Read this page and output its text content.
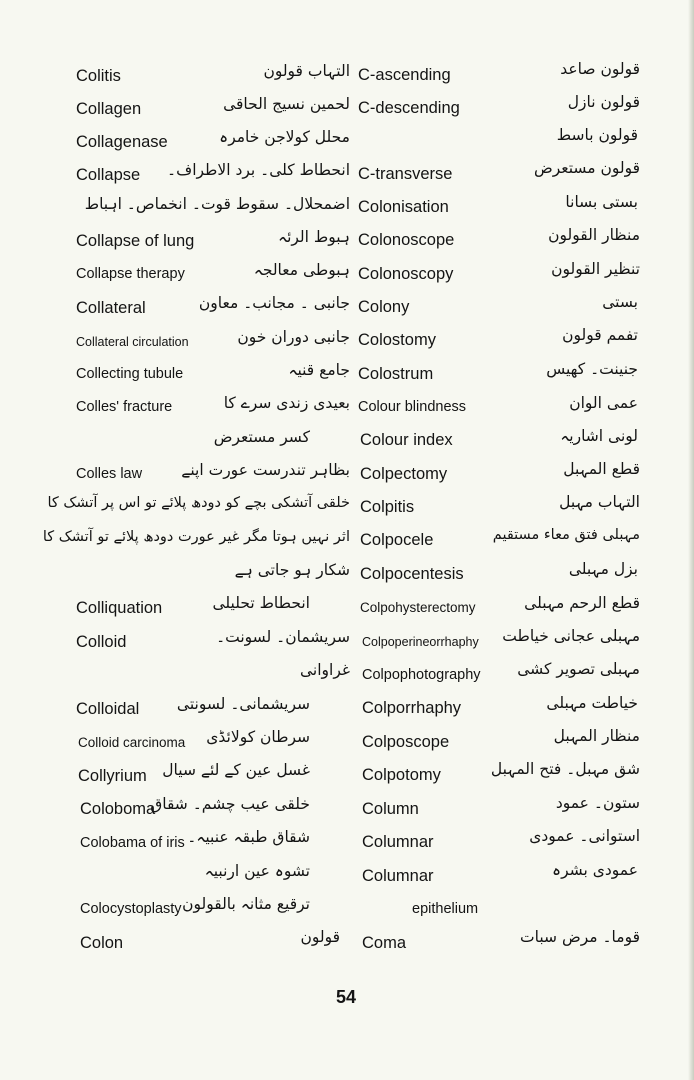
Colitis
Collagen
Collagenase
Collapse
Collapse of lung
Collapse therapy
Collateral
Collateral circulation
Collecting tubule
Colles' fracture
Colles law
Colliquation
Colloid
Colloidal
Colloid carcinoma
Collyrium
Coloboma
Colobama of iris
Colocystoplasty
Colon
التہاب قولون
لحمین نسیج الحاقی
محلل کولاجن خامرہ
انحطاط کلی۔ برد الاطراف۔
اضمحلال۔ سقوط قوت۔ انخماص۔ اہباط
ہبوط الرئہ
ہبوطی معالجہ
جانبی ۔ مجانب۔ معاون
جانبی دوران خون
جامع قنیہ
بعیدی زندی سرے کا
کسر مستعرض
بظاہر تندرست عورت اپنے
خلقی آتشکی بچے کو دودھ پلائے تو اس پر آتشک کا
اثر نہیں ہوتا مگر غیر عورت دودھ پلائے تو آتشک کا
شکار ہو جاتی ہے
انحطاط تحلیلی
سریشمان۔ لسونت۔
غراوانی
سریشمانی۔ لسونتی
سرطان کولائڈی
غسل عین کے لئے سیال
خلقی عیب چشم۔ شقاق
شقاق طبقہ عنبیہ۔
تشوہ عین ارنبیہ
ترقیع مثانہ بالقولون
قولون
C-ascending
C-descending
C-transverse
Colonisation
Colonoscope
Colonoscopy
Colony
Colostomy
Colostrum
Colour blindness
Colour index
Colpectomy
Colpitis
Colpocele
Colpocentesis
Colpohysterectomy
Colpoperineorrhaphy
Colpophotography
Colporrhaphy
Colposcope
Colpotomy
Column
Columnar
Columnar
epithelium
Coma
قولون صاعد
قولون نازل
قولون باسط
قولون مستعرض
بستی بسانا
منظار القولون
تنظیر القولون
بستی
تفمم قولون
جنینت۔ کھیس
عمی الوان
لونی اشاریہ
قطع المہبل
التہاب مہبل
مہبلی فتق معاء مستقیم
بزل مہبلی
قطع الرحم مہبلی
مہبلی عجانی خیاطت
مہبلی تصویر کشی
خیاطت مہبلی
منظار المہبل
شق مہبل۔ فتح المہبل
ستون۔ عمود
استوانی۔ عمودی
عمودی بشرہ
قوما۔ مرض سبات
54
